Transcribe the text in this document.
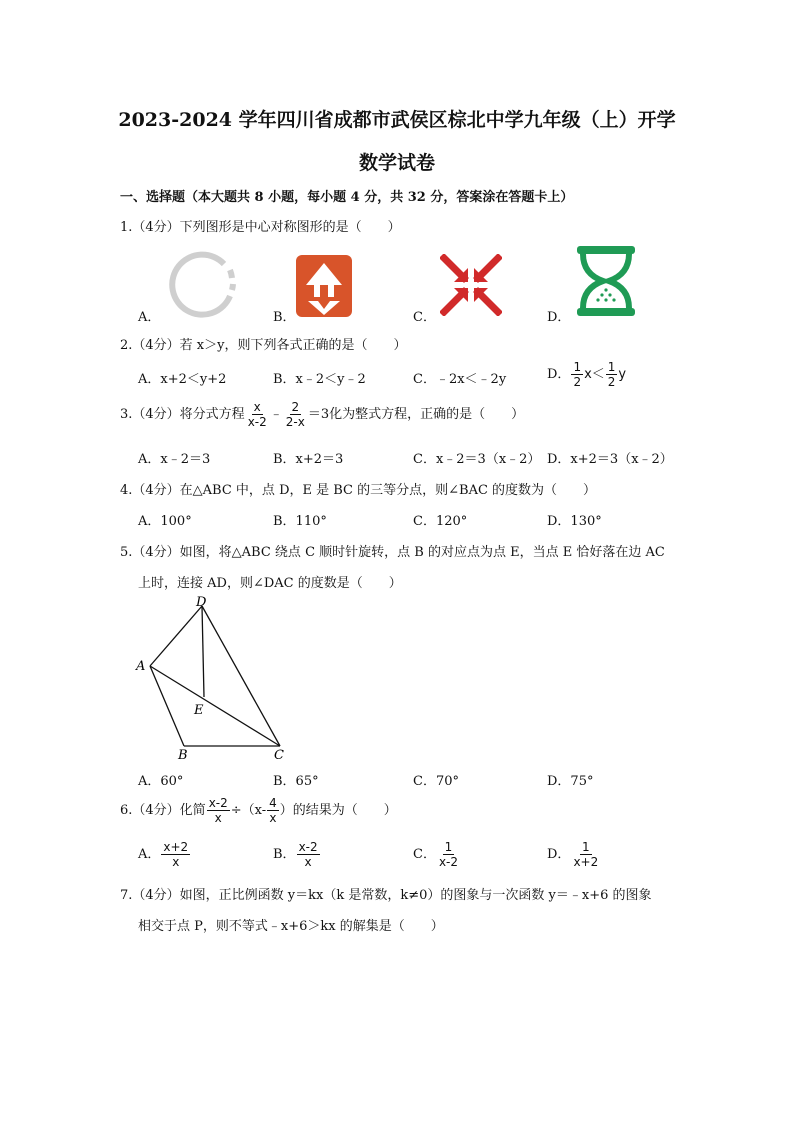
2023-2024 学年四川省成都市武侯区棕北中学九年级（上）开学
数学试卷
一、选择题（本大题共 8 小题，每小题 4 分，共 32 分，答案涂在答题卡上）
1.（4分）下列图形是中心对称图形的是（　　）
A．	B．	C．	D．
2.（4分）若 x＞y，则下列各式正确的是（　　）
A．x+2＜y+2	B．x﹣2＜y﹣2	C．﹣2x＜﹣2y	D． $\frac{1}{2} x< \frac{1}{2}$ y
3.（4分）将分式方程 $\frac{x}{x-2}$ ﹣ $\frac{2}{2-x} =3$化为整式方程，正确的是（　　）
A．x﹣2＝3	B．x+2＝3	C．x﹣2＝3（x﹣2） D．x+2＝3（x﹣2）
4.（4分）在△ABC 中，点 D，E 是 BC 的三等分点，则∠BAC 的度数为（　　）
A．100°	B．110°	C．120°	D．130°
5.（4分）如图，将△ABC 绕点 C 顺时针旋转，点 B 的对应点为点 E，当点 E 恰好落在边 AC
上时，连接 AD，则∠DAC 的度数是（　　）
D
A
E
B	C
A．60°	B．65°	C．70°	D．75°
6.（4分）化简 $\frac{x-2}{x} \div(x- \frac{4}{x}$ ）的结果为（　　）
A． $\frac{x+2}{x}$	B． $\frac{x-2}{x}$	C． $\frac{1}{x-2}$	D． $\frac{1}{x+2}$
7.（4分）如图，正比例函数 y＝kx（k 是常数，k≠0）的图象与一次函数 y＝﹣x+6 的图象
相交于点 P，则不等式﹣x+6＞kx 的解集是（　　）
